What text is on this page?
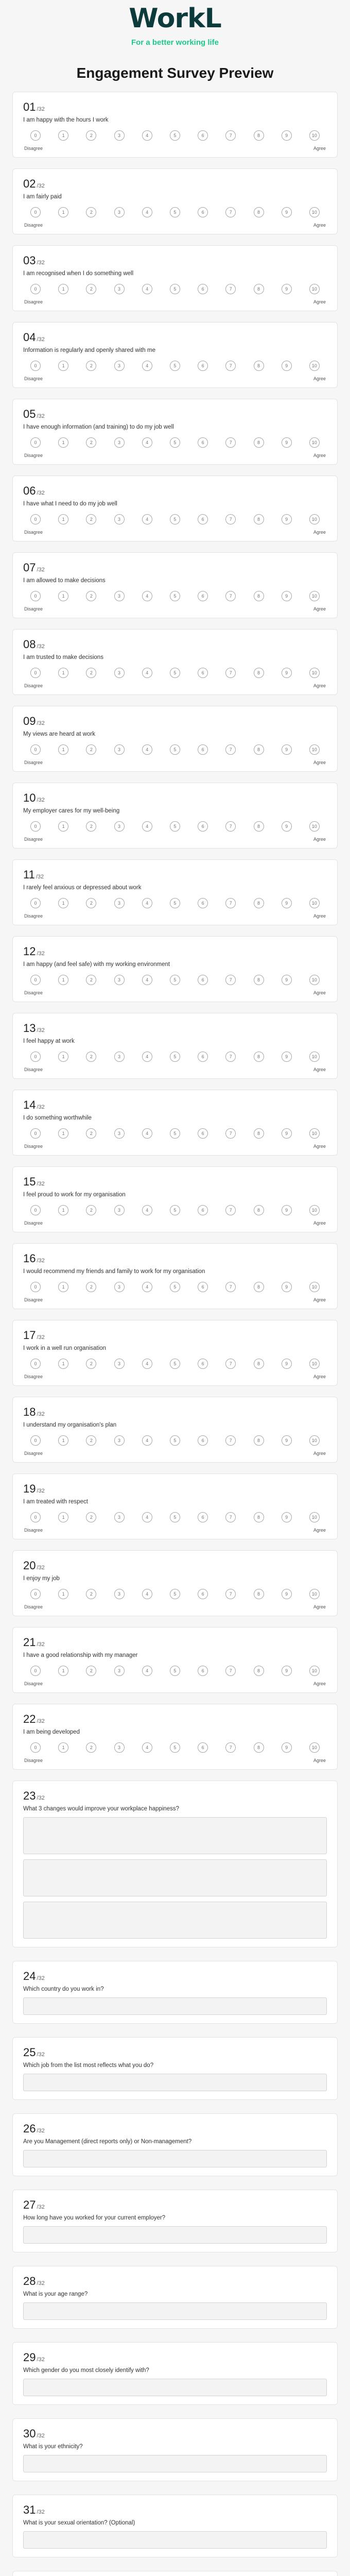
WorkL
For a better working life
Engagement Survey Preview
01 /32
I am happy with the hours I work
0	1	2	3	4	5	6	7	8	9	10
Disagree	Agree
02 /32
I am fairly paid
0	1	2	3	4	5	6	7	8	9	10
Disagree	Agree
03 /32
I am recognised when I do something well
0	1	2	3	4	5	6	7	8	9	10
Disagree	Agree
04 /32
Information is regularly and openly shared with me
0	1	2	3	4	5	6	7	8	9	10
Disagree	Agree
05 /32
I have enough information (and training) to do my job well
0	1	2	3	4	5	6	7	8	9	10
Disagree	Agree
06 /32
I have what I need to do my job well
0	1	2	3	4	5	6	7	8	9	10
Disagree	Agree
07 /32
I am allowed to make decisions
0	1	2	3	4	5	6	7	8	9	10
Disagree	Agree
08 /32
I am trusted to make decisions
0	1	2	3	4	5	6	7	8	9	10
Disagree	Agree
09 /32
My views are heard at work
0	1	2	3	4	5	6	7	8	9	10
Disagree	Agree
10 /32
My employer cares for my well-being
0	1	2	3	4	5	6	7	8	9	10
Disagree	Agree
11 /32
I rarely feel anxious or depressed about work
0	1	2	3	4	5	6	7	8	9	10
Disagree	Agree
12 /32
I am happy (and feel safe) with my working environment
0	1	2	3	4	5	6	7	8	9	10
Disagree	Agree
13 /32
I feel happy at work
0	1	2	3	4	5	6	7	8	9	10
Disagree	Agree
14 /32
I do something worthwhile
0	1	2	3	4	5	6	7	8	9	10
Disagree	Agree
15 /32
I feel proud to work for my organisation
0	1	2	3	4	5	6	7	8	9	10
Disagree	Agree
16 /32
I would recommend my friends and family to work for my organisation
0	1	2	3	4	5	6	7	8	9	10
Disagree	Agree
17 /32
I work in a well run organisation
0	1	2	3	4	5	6	7	8	9	10
Disagree	Agree
18 /32
I understand my organisation's plan
0	1	2	3	4	5	6	7	8	9	10
Disagree	Agree
19 /32
I am treated with respect
0	1	2	3	4	5	6	7	8	9	10
Disagree	Agree
20 /32
I enjoy my job
0	1	2	3	4	5	6	7	8	9	10
Disagree	Agree
21 /32
I have a good relationship with my manager
0	1	2	3	4	5	6	7	8	9	10
Disagree	Agree
22 /32
I am being developed
0	1	2	3	4	5	6	7	8	9	10
Disagree	Agree
23 /32
What 3 changes would improve your workplace happiness?
24 /32
Which country do you work in?
25 /32
Which job from the list most reflects what you do?
26 /32
Are you Management (direct reports only) or Non-management?
27 /32
How long have you worked for your current employer?
28 /32
What is your age range?
29 /32
Which gender do you most closely identify with?
30 /32
What is your ethnicity?
31 /32
What is your sexual orientation? (Optional)
